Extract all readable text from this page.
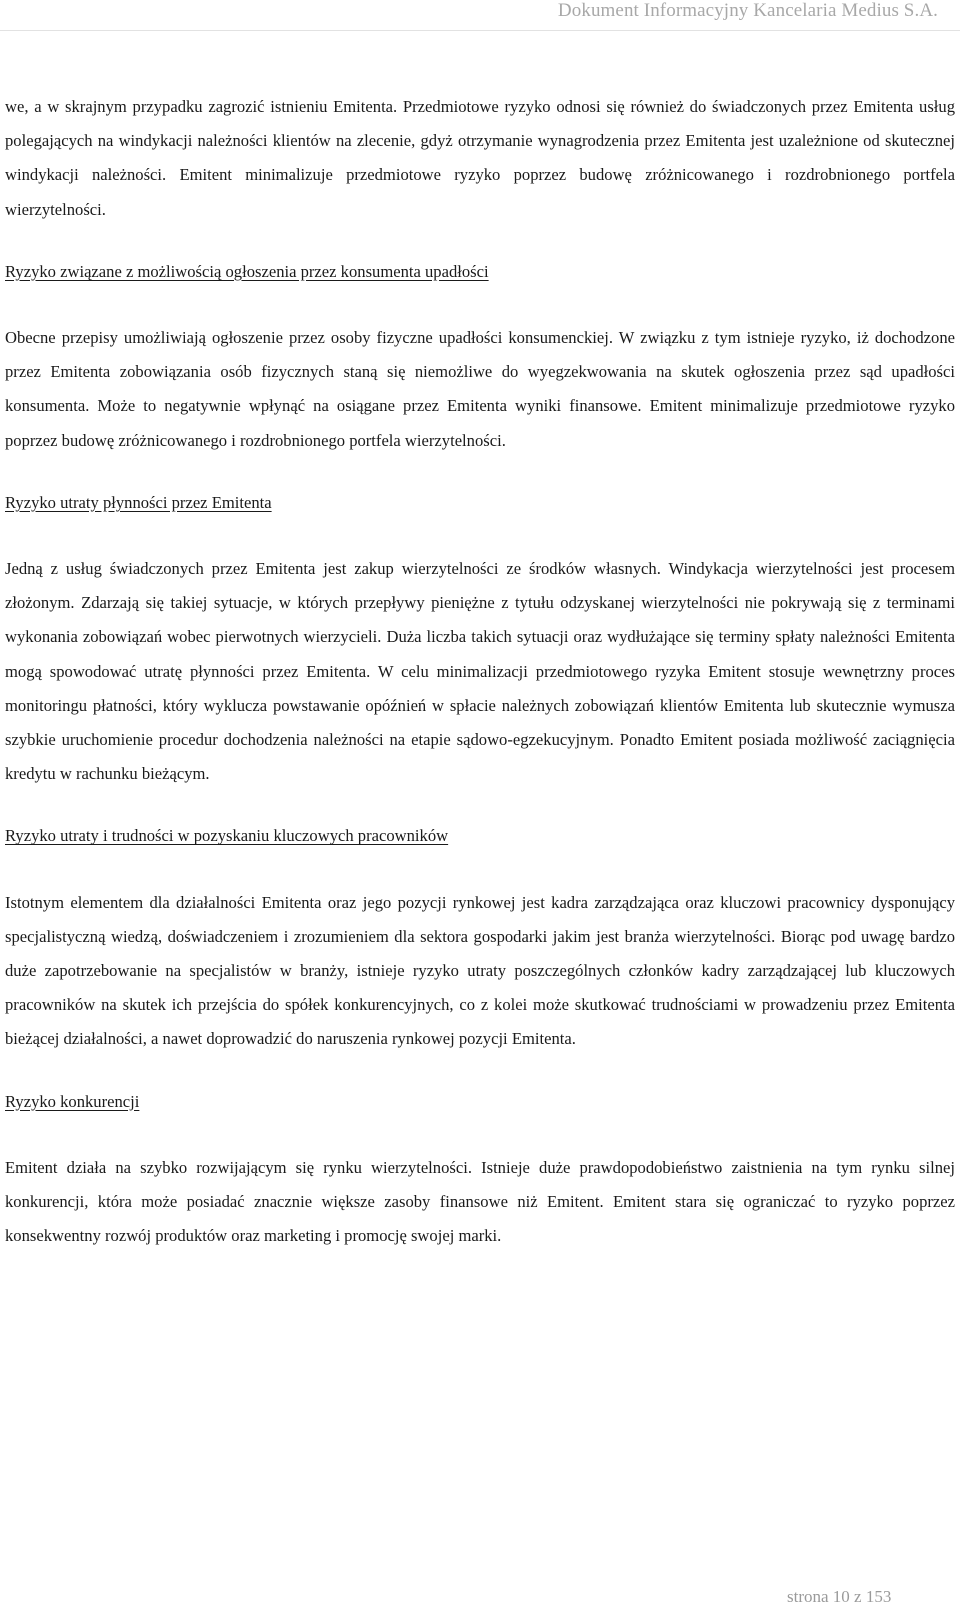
Dokument Informacyjny Kancelaria Medius S.A.

we, a w skrajnym przypadku zagrozić istnieniu Emitenta. Przedmiotowe ryzyko odnosi się również do świadczonych przez Emitenta usług polegających na windykacji należności klientów na zlecenie, gdyż otrzymanie wynagrodzenia przez Emitenta jest uzależnione od skutecznej windykacji należności. Emitent minimalizuje przedmiotowe ryzyko poprzez budowę zróżnicowanego i rozdrobnionego portfela wierzytelności.

Ryzyko związane z możliwością ogłoszenia przez konsumenta upadłości

Obecne przepisy umożliwiają ogłoszenie przez osoby fizyczne upadłości konsumenckiej. W związku z tym istnieje ryzyko, iż dochodzone przez Emitenta zobowiązania osób fizycznych staną się niemożliwe do wyegzekwowania na skutek ogłoszenia przez sąd upadłości konsumenta. Może to negatywnie wpłynąć na osiągane przez Emitenta wyniki finansowe. Emitent minimalizuje przedmiotowe ryzyko poprzez budowę zróżnicowanego i rozdrobnionego portfela wierzytelności.

Ryzyko utraty płynności przez Emitenta

Jedną z usług świadczonych przez Emitenta jest zakup wierzytelności ze środków własnych. Windykacja wierzytelności jest procesem złożonym. Zdarzają się takiej sytuacje, w których przepływy pieniężne z tytułu odzyskanej wierzytelności nie pokrywają się z terminami wykonania zobowiązań wobec pierwotnych wierzycieli. Duża liczba takich sytuacji oraz wydłużające się terminy spłaty należności Emitenta mogą spowodować utratę płynności przez Emitenta. W celu minimalizacji przedmiotowego ryzyka Emitent stosuje wewnętrzny proces monitoringu płatności, który wyklucza powstawanie opóźnień w spłacie należnych zobowiązań klientów Emitenta lub skutecznie wymusza szybkie uruchomienie procedur dochodzenia należności na etapie sądowo-egzekucyjnym. Ponadto Emitent posiada możliwość zaciągnięcia kredytu w rachunku bieżącym.

Ryzyko utraty i trudności w pozyskaniu kluczowych pracowników

Istotnym elementem dla działalności Emitenta oraz jego pozycji rynkowej jest kadra zarządzająca oraz kluczowi pracownicy dysponujący specjalistyczną wiedzą, doświadczeniem i zrozumieniem dla sektora gospodarki jakim jest branża wierzytelności. Biorąc pod uwagę bardzo duże zapotrzebowanie na specjalistów w branży, istnieje ryzyko utraty poszczególnych członków kadry zarządzającej lub kluczowych pracowników na skutek ich przejścia do spółek konkurencyjnych, co z kolei może skutkować trudnościami w prowadzeniu przez Emitenta bieżącej działalności, a nawet doprowadzić do naruszenia rynkowej pozycji Emitenta.

Ryzyko konkurencji

Emitent działa na szybko rozwijającym się rynku wierzytelności. Istnieje duże prawdopodobieństwo zaistnienia na tym rynku silnej konkurencji, która może posiadać znacznie większe zasoby finansowe niż Emitent. Emitent stara się ograniczać to ryzyko poprzez konsekwentny rozwój produktów oraz marketing i promocję swojej marki.

strona 10 z 153
